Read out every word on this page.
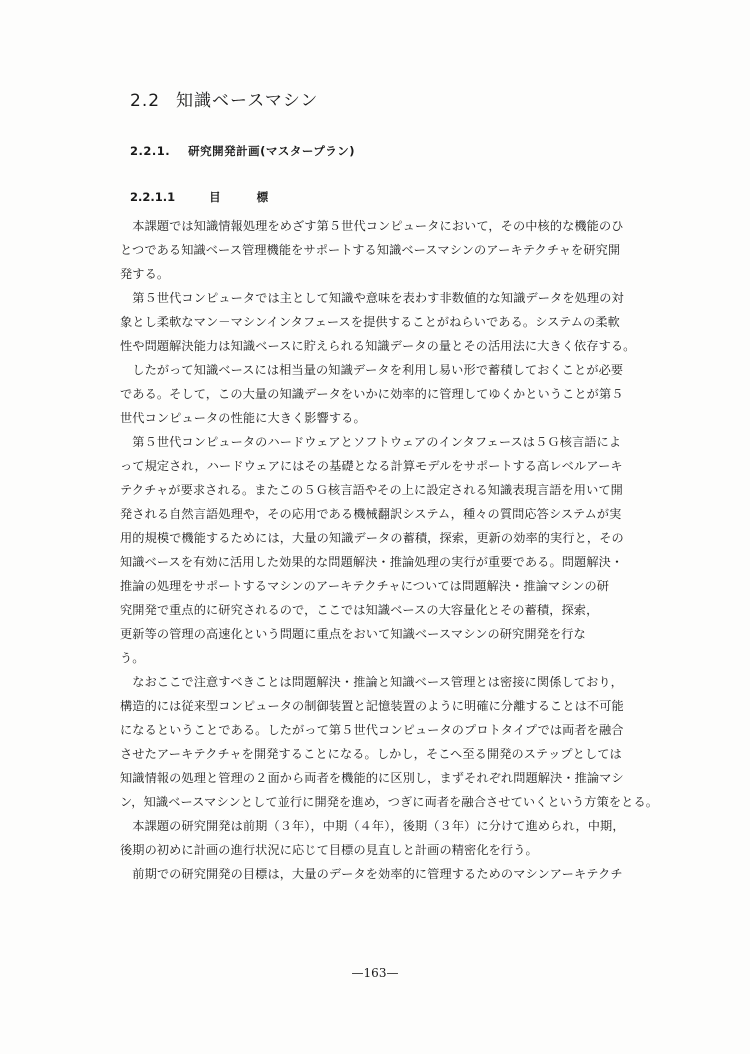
2.2 知識ベースマシン
2.2.1. 研究開発計画(マスタープラン)
2.2.1.1	目標
　本課題では知識情報処理をめざす第５世代コンピュータにおいて，その中核的な機能のひ
とつである知識ベース管理機能をサポートする知識ベースマシンのアーキテクチャを研究開
発する。
　第５世代コンピュータでは主として知識や意味を表わす非数値的な知識データを処理の対
象とし柔軟なマン－マシンインタフェースを提供することがねらいである。システムの柔軟
性や問題解決能力は知識ベースに貯えられる知識データの量とその活用法に大きく依存する。
　したがって知識ベースには相当量の知識データを利用し易い形で蓄積しておくことが必要
である。そして，この大量の知識データをいかに効率的に管理してゆくかということが第５
世代コンピュータの性能に大きく影響する。
　第５世代コンピュータのハードウェアとソフトウェアのインタフェースは５Ｇ核言語によ
って規定され，ハードウェアにはその基礎となる計算モデルをサポートする高レベルアーキ
テクチャが要求される。またこの５Ｇ核言語やその上に設定される知識表現言語を用いて開
発される自然言語処理や，その応用である機械翻訳システム，種々の質問応答システムが実
用的規模で機能するためには，大量の知識データの蓄積，探索，更新の効率的実行と，その
知識ベースを有効に活用した効果的な問題解決・推論処理の実行が重要である。問題解決・
推論の処理をサポートするマシンのアーキテクチャについては問題解決・推論マシンの研
究開発で重点的に研究されるので，ここでは知識ベースの大容量化とその蓄積，探索，
更新等の管理の高速化という問題に重点をおいて知識ベースマシンの研究開発を行な
う。
　なおここで注意すべきことは問題解決・推論と知識ベース管理とは密接に関係しており，
構造的には従来型コンピュータの制御装置と記憶装置のように明確に分離することは不可能
になるということである。したがって第５世代コンピュータのプロトタイプでは両者を融合
させたアーキテクチャを開発することになる。しかし，そこへ至る開発のステップとしては
知識情報の処理と管理の２面から両者を機能的に区別し，まずそれぞれ問題解決・推論マシ
ン，知識ベースマシンとして並行に開発を進め，つぎに両者を融合させていくという方策をとる。
　本課題の研究開発は前期（３年），中期（４年），後期（３年）に分けて進められ，中期，
後期の初めに計画の進行状況に応じて目標の見直しと計画の精密化を行う。
　前期での研究開発の目標は，大量のデータを効率的に管理するためのマシンアーキテクチ
—163—
